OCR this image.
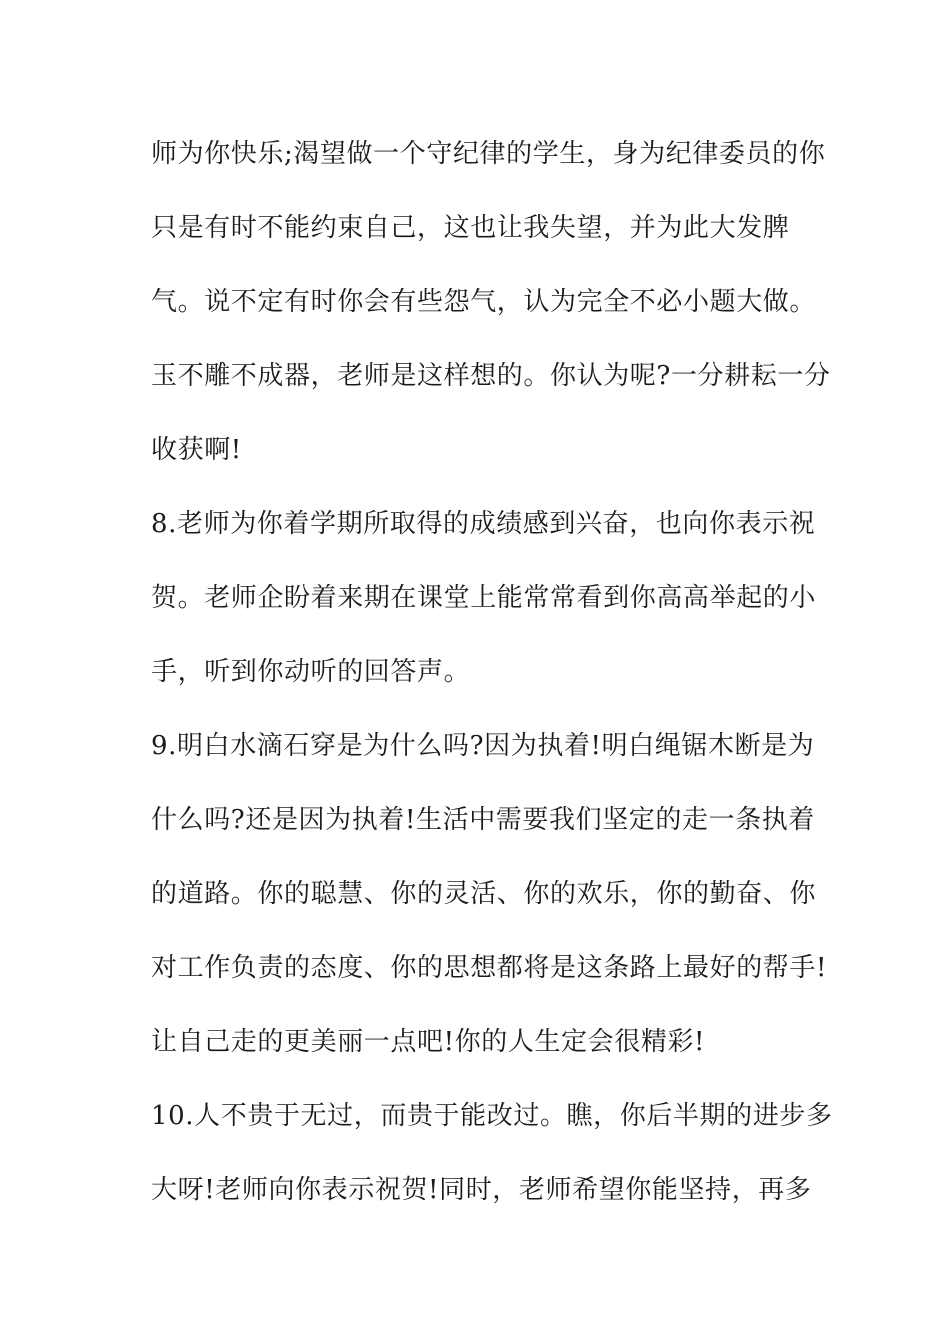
师为你快乐;渴望做一个守纪律的学生，身为纪律委员的你

只是有时不能约束自己，这也让我失望，并为此大发脾

气。说不定有时你会有些怨气，认为完全不必小题大做。

玉不雕不成器，老师是这样想的。你认为呢?一分耕耘一分

收获啊!

8.老师为你着学期所取得的成绩感到兴奋，也向你表示祝

贺。老师企盼着来期在课堂上能常常看到你高高举起的小

手，听到你动听的回答声。

9.明白水滴石穿是为什么吗?因为执着!明白绳锯木断是为

什么吗?还是因为执着!生活中需要我们坚定的走一条执着

的道路。你的聪慧、你的灵活、你的欢乐，你的勤奋、你

对工作负责的态度、你的思想都将是这条路上最好的帮手!

让自己走的更美丽一点吧!你的人生定会很精彩!

10.人不贵于无过，而贵于能改过。瞧，你后半期的进步多

大呀!老师向你表示祝贺!同时，老师希望你能坚持，再多
